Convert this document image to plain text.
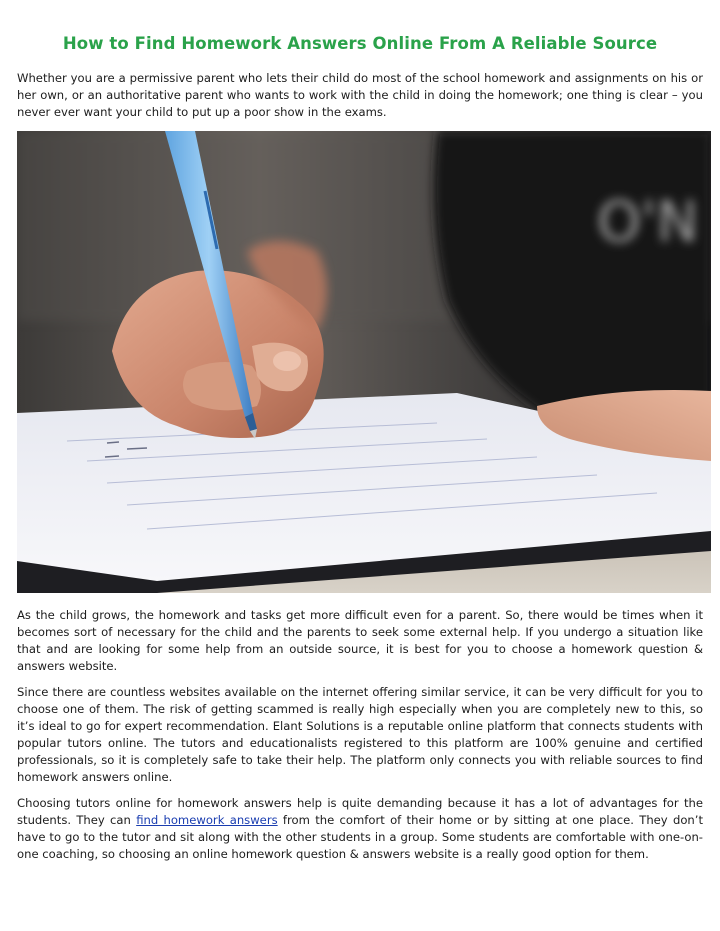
How to Find Homework Answers Online From A Reliable Source

Whether you are a permissive parent who lets their child do most of the school homework and assignments on his or her own, or an authoritative parent who wants to work with the child in doing the homework; one thing is clear – you never ever want your child to put up a poor show in the exams.

O'N

As the child grows, the homework and tasks get more difficult even for a parent. So, there would be times when it becomes sort of necessary for the child and the parents to seek some external help. If you undergo a situation like that and are looking for some help from an outside source, it is best for you to choose a homework question & answers website.

Since there are countless websites available on the internet offering similar service, it can be very difficult for you to choose one of them. The risk of getting scammed is really high especially when you are completely new to this, so it’s ideal to go for expert recommendation. Elant Solutions is a reputable online platform that connects students with popular tutors online. The tutors and educationalists registered to this platform are 100% genuine and certified professionals, so it is completely safe to take their help. The platform only connects you with reliable sources to find homework answers online.

Choosing tutors online for homework answers help is quite demanding because it has a lot of advantages for the students. They can find homework answers from the comfort of their home or by sitting at one place. They don’t have to go to the tutor and sit along with the other students in a group. Some students are comfortable with one-on-one coaching, so choosing an online homework question & answers website is a really good option for them.
